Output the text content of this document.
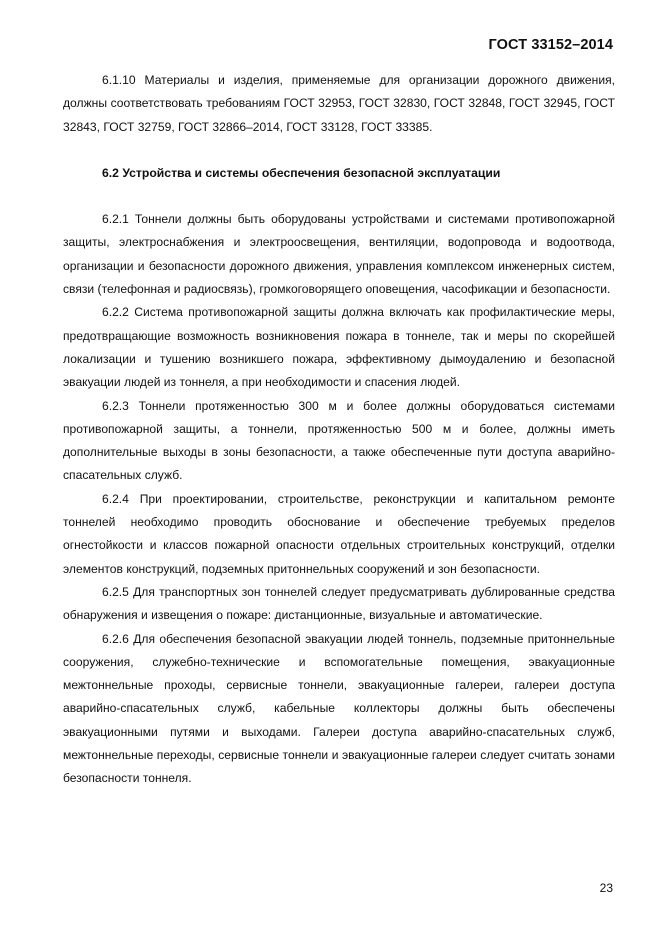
ГОСТ 33152–2014

6.1.10 Материалы и изделия, применяемые для организации дорожного движения, должны соответствовать требованиям ГОСТ 32953, ГОСТ 32830, ГОСТ 32848, ГОСТ 32945, ГОСТ 32843, ГОСТ 32759, ГОСТ 32866–2014, ГОСТ 33128, ГОСТ 33385.

6.2 Устройства и системы обеспечения безопасной эксплуатации

6.2.1 Тоннели должны быть оборудованы устройствами и системами противопожарной защиты, электроснабжения и электроосвещения, вентиляции, водопровода и водоотвода, организации и безопасности дорожного движения, управления комплексом инженерных систем, связи (телефонная и радиосвязь), громкоговорящего оповещения, часофикации и безопасности.

6.2.2 Система противопожарной защиты должна включать как профилактические меры, предотвращающие возможность возникновения пожара в тоннеле, так и меры по скорейшей локализации и тушению возникшего пожара, эффективному дымоудалению и безопасной эвакуации людей из тоннеля, а при необходимости и спасения людей.

6.2.3 Тоннели протяженностью 300 м и более должны оборудоваться системами противопожарной защиты, а тоннели, протяженностью 500 м и более, должны иметь дополнительные выходы в зоны безопасности, а также обеспеченные пути доступа аварийно-спасательных служб.

6.2.4 При проектировании, строительстве, реконструкции и капитальном ремонте тоннелей необходимо проводить обоснование и обеспечение требуемых пределов огнестойкости и классов пожарной опасности отдельных строительных конструкций, отделки элементов конструкций, подземных притоннельных сооружений и зон безопасности.

6.2.5 Для транспортных зон тоннелей следует предусматривать дублированные средства обнаружения и извещения о пожаре: дистанционные, визуальные и автоматические.

6.2.6 Для обеспечения безопасной эвакуации людей тоннель, подземные притоннельные сооружения, служебно-технические и вспомогательные помещения, эвакуационные межтоннельные проходы, сервисные тоннели, эвакуационные галереи, галереи доступа аварийно-спасательных служб, кабельные коллекторы должны быть обеспечены эвакуационными путями и выходами. Галереи доступа аварийно-спасательных служб, межтоннельные переходы, сервисные тоннели и эвакуационные галереи следует считать зонами безопасности тоннеля.

23
